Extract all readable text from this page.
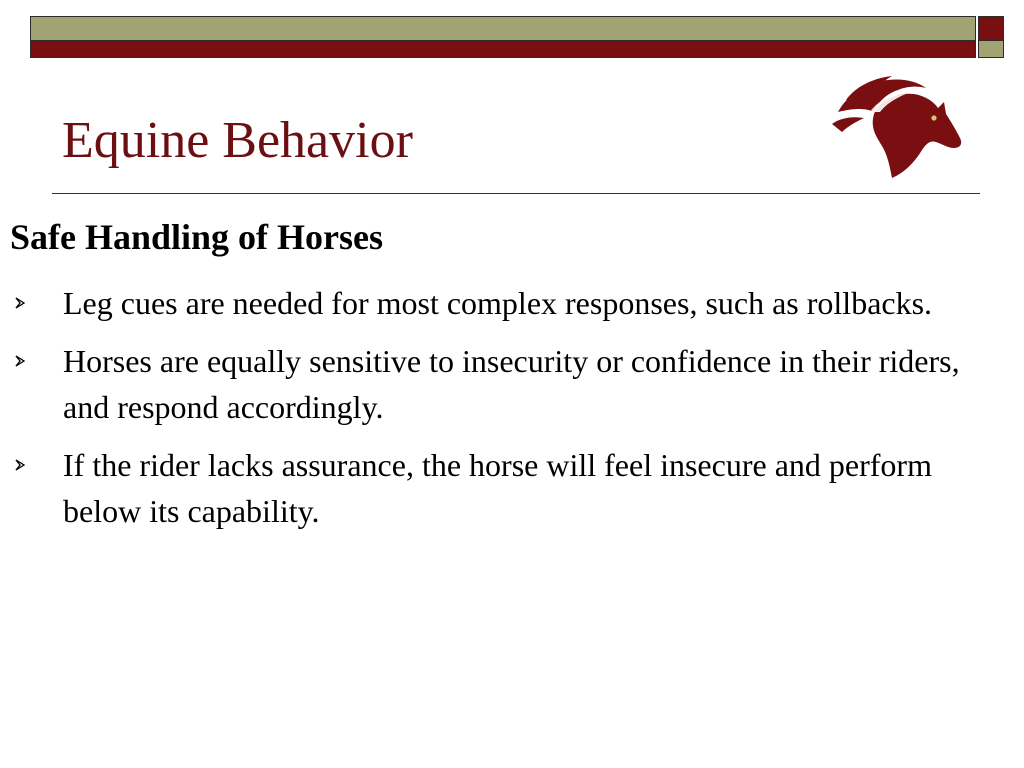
Equine Behavior
Safe Handling of Horses
Leg cues are needed for most complex responses, such as rollbacks.
Horses are equally sensitive to insecurity or confidence in their riders, and respond accordingly.
If the rider lacks assurance, the horse will feel insecure and perform below its capability.
